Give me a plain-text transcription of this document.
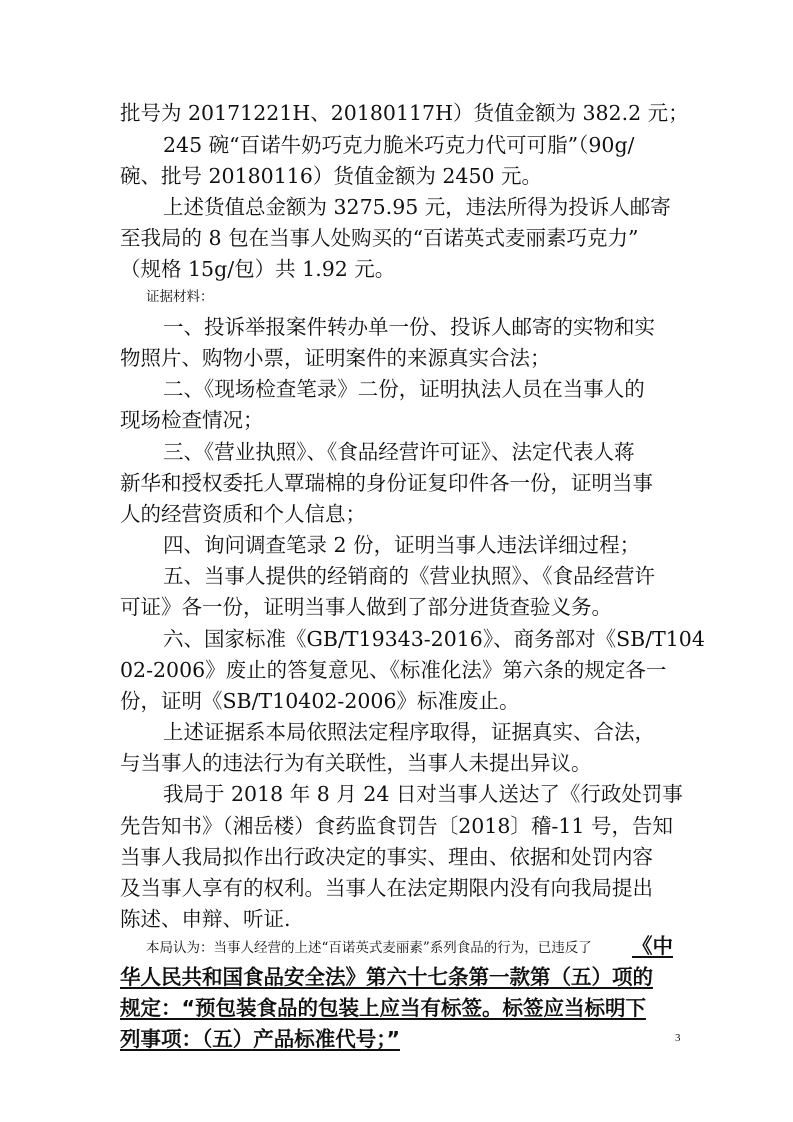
批号为 20171221H、20180117H）货值金额为 382.2 元；
245 碗“百诺牛奶巧克力脆米巧克力代可可脂”（90g/
碗、批号 20180116）货值金额为 2450 元。
上述货值总金额为 3275.95 元，违法所得为投诉人邮寄
至我局的 8 包在当事人处购买的“百诺英式麦丽素巧克力”
（规格 15g/包）共 1.92 元。
证据材料：
一、投诉举报案件转办单一份、投诉人邮寄的实物和实
物照片、购物小票，证明案件的来源真实合法；
二、《现场检查笔录》二份，证明执法人员在当事人的
现场检查情况；
三、《营业执照》、《食品经营许可证》、法定代表人蒋
新华和授权委托人覃瑞棉的身份证复印件各一份，证明当事
人的经营资质和个人信息；
四、询问调查笔录 2 份，证明当事人违法详细过程；
五、当事人提供的经销商的《营业执照》、《食品经营许
可证》各一份，证明当事人做到了部分进货查验义务。
六、国家标准《GB/T19343-2016》、商务部对《SB/T104
02-2006》废止的答复意见、《标准化法》第六条的规定各一
份，证明《SB/T10402-2006》标准废止。
上述证据系本局依照法定程序取得，证据真实、合法，
与当事人的违法行为有关联性，当事人未提出异议。
我局于 2018 年 8 月 24 日对当事人送达了《行政处罚事
先告知书》（湘岳楼）食药监食罚告〔2018〕稽-11 号，告知
当事人我局拟作出行政决定的事实、理由、依据和处罚内容
及当事人享有的权利。当事人在法定期限内没有向我局提出
陈述、申辩、听证.
本局认为：当事人经营的上述“百诺英式麦丽素”系列食品的行为，已违反了 《中
华人民共和国食品安全法》第六十七条第一款第（五）项的
规定：“预包装食品的包装上应当有标签。标签应当标明下
列事项：（五）产品标准代号；”	3
